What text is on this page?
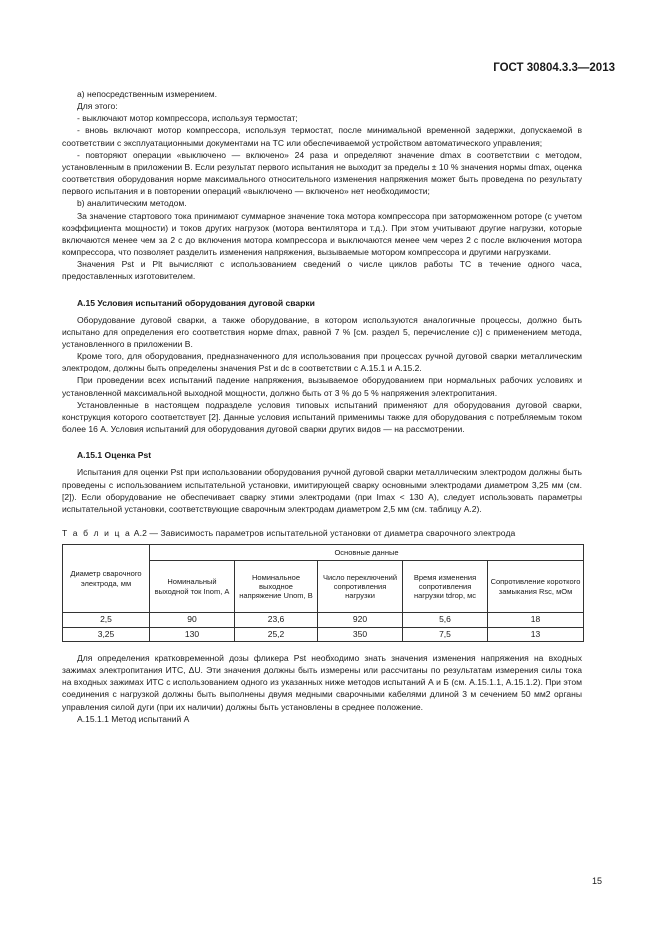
ГОСТ 30804.3.3—2013

а) непосредственным измерением.

Для этого:

- выключают мотор компрессора, используя термостат;

- вновь включают мотор компрессора, используя термостат, после минимальной временной задержки, допускаемой в соответствии с эксплуатационными документами на ТС или обеспечиваемой устройством автоматического управления;

- повторяют операции «выключено — включено» 24 раза и определяют значение dmax в соответствии с методом, установленным в приложении В. Если результат первого испытания не выходит за пределы ± 10 % значения нормы dmax, оценка соответствия оборудования норме максимального относительного изменения напряжения может быть проведена по результату первого испытания и в повторении операций «выключено — включено» нет необходимости;

b) аналитическим методом.

За значение стартового тока принимают суммарное значение тока мотора компрессора при заторможенном роторе (с учетом коэффициента мощности) и токов других нагрузок (мотора вентилятора и т.д.). При этом учитывают другие нагрузки, которые включаются менее чем за 2 с до включения мотора компрессора и выключаются менее чем через 2 с после включения мотора компрессора, что позволяет разделить изменения напряжения, вызываемые мотором компрессора и другими нагрузками.

Значения Pst и Plt вычисляют с использованием сведений о числе циклов работы ТС в течение одного часа, предоставленных изготовителем.

А.15 Условия испытаний оборудования дуговой сварки

Оборудование дуговой сварки, а также оборудование, в котором используются аналогичные процессы, должно быть испытано для определения его соответствия норме dmax, равной 7 % [см. раздел 5, перечисление с)] с применением метода, установленного в приложении В.

Кроме того, для оборудования, предназначенного для использования при процессах ручной дуговой сварки металлическим электродом, должны быть определены значения Pst и dc в соответствии с А.15.1 и А.15.2.

При проведении всех испытаний падение напряжения, вызываемое оборудованием при нормальных рабочих условиях и установленной максимальной выходной мощности, должно быть от 3 % до 5 % напряжения электропитания.

Установленные в настоящем подразделе условия типовых испытаний применяют для оборудования дуговой сварки, конструкция которого соответствует [2]. Данные условия испытаний применимы также для оборудования с потребляемым током более 16 А. Условия испытаний для оборудования дуговой сварки других видов — на рассмотрении.

А.15.1 Оценка Pst

Испытания для оценки Pst при использовании оборудования ручной дуговой сварки металлическим электродом должны быть проведены с использованием испытательной установки, имитирующей сварку основными электродами диаметром 3,25 мм (см. [2]). Если оборудование не обеспечивает сварку этими электродами (при Imax < 130 А), следует использовать параметры испытательной установки, соответствующие сварочным электродам диаметром 2,5 мм (см. таблицу А.2).

Т а б л и ц а А.2 — Зависимость параметров испытательной установки от диаметра сварочного электрода
Диаметр сварочного электрода, мм	Основные данные				
	Номинальный выходной ток Inom, А	Номинальное выходное напряжение Unom, В	Число переключений сопротивления нагрузки	Время изменения сопротивления нагрузки tdrop, мс	Сопротивление короткого замыкания Rsc, мОм
2,5	90	23,6	920	5,6	18
3,25	130	25,2	350	7,5	13

Для определения кратковременной дозы фликера Pst необходимо знать значения изменения напряжения на входных зажимах электропитания ИТС, ΔU. Эти значения должны быть измерены или рассчитаны по результатам измерения силы тока на входных зажимах ИТС с использованием одного из указанных ниже методов испытаний А и Б (см. А.15.1.1, А.15.1.2). При этом соединения с нагрузкой должны быть выполнены двумя медными сварочными кабелями длиной 3 м сечением 50 мм2 органы управления силой дуги (при их наличии) должны быть установлены в среднее положение.

А.15.1.1 Метод испытаний А

15
